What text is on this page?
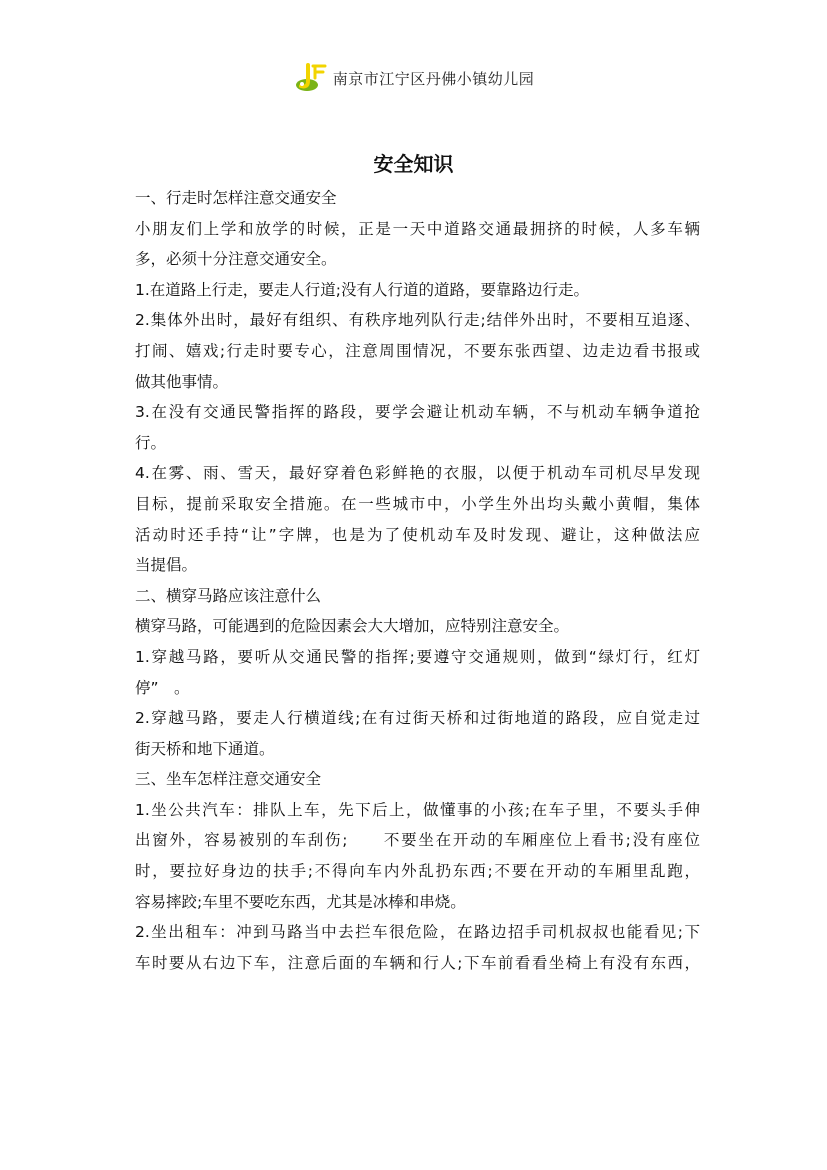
南京市江宁区丹佛小镇幼儿园
安全知识
一、行走时怎样注意交通安全
小朋友们上学和放学的时候，正是一天中道路交通最拥挤的时候，人多车辆
多，必须十分注意交通安全。
1.在道路上行走，要走人行道;没有人行道的道路，要靠路边行走。
2.集体外出时，最好有组织、有秩序地列队行走;结伴外出时，不要相互追逐、
打闹、嬉戏;行走时要专心，注意周围情况，不要东张西望、边走边看书报或
做其他事情。
3.在没有交通民警指挥的路段，要学会避让机动车辆，不与机动车辆争道抢
行。
4.在雾、雨、雪天，最好穿着色彩鲜艳的衣服，以便于机动车司机尽早发现
目标，提前采取安全措施。在一些城市中，小学生外出均头戴小黄帽，集体
活动时还手持“让”字牌，也是为了使机动车及时发现、避让，这种做法应
当提倡。
二、横穿马路应该注意什么
横穿马路，可能遇到的危险因素会大大增加，应特别注意安全。
1.穿越马路，要听从交通民警的指挥;要遵守交通规则，做到“绿灯行，红灯
停”　。
2.穿越马路，要走人行横道线;在有过街天桥和过街地道的路段，应自觉走过
街天桥和地下通道。
三、坐车怎样注意交通安全
1.坐公共汽车：排队上车，先下后上，做懂事的小孩;在车子里，不要头手伸
出窗外，容易被别的车刮伤;　　不要坐在开动的车厢座位上看书;没有座位
时，要拉好身边的扶手;不得向车内外乱扔东西;不要在开动的车厢里乱跑，
容易摔跤;车里不要吃东西，尤其是冰棒和串烧。
2.坐出租车：冲到马路当中去拦车很危险，在路边招手司机叔叔也能看见;下
车时要从右边下车，注意后面的车辆和行人;下车前看看坐椅上有没有东西，
